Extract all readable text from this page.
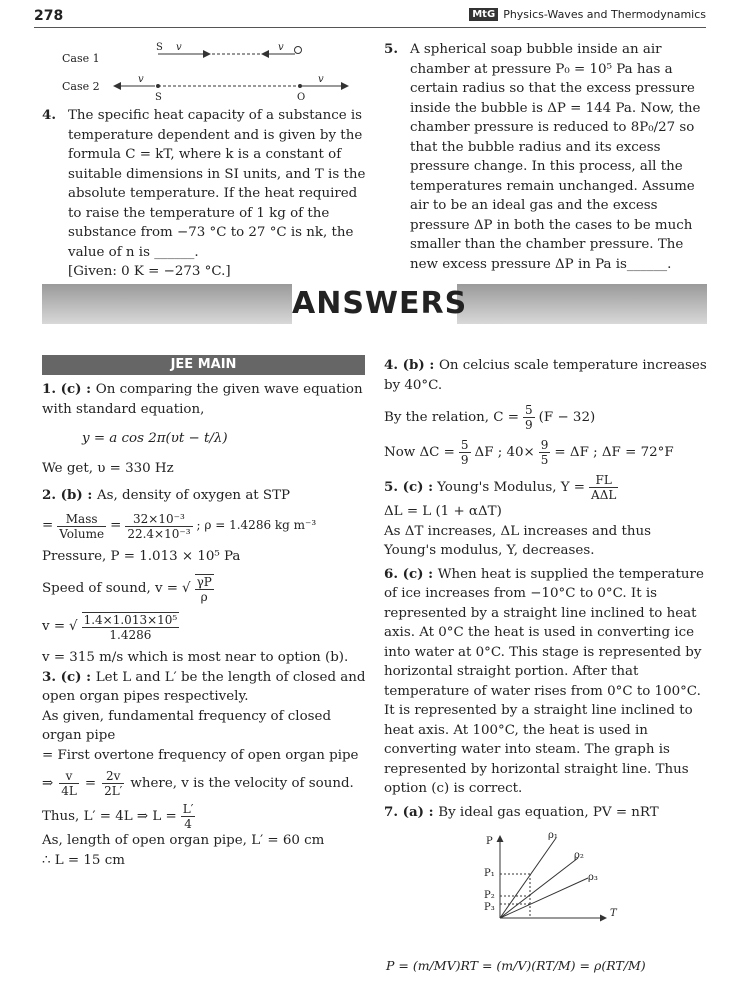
278	MtG Physics-Waves and Thermodynamics
Case 1
Case 2
S v	v
v	v
S	O
4. The specific heat capacity of a substance is temperature dependent and is given by the formula C = kT, where k is a constant of suitable dimensions in SI units, and T is the absolute temperature. If the heat required to raise the temperature of 1 kg of the substance from −73 °C to 27 °C is nk, the value of n is ______.
[Given: 0 K = −273 °C.]
5. A spherical soap bubble inside an air chamber at pressure P₀ = 10⁵ Pa has a certain radius so that the excess pressure inside the bubble is ΔP = 144 Pa. Now, the chamber pressure is reduced to 8P₀/27 so that the bubble radius and its excess pressure change. In this process, all the temperatures remain unchanged. Assume air to be an ideal gas and the excess pressure ΔP in both the cases to be much smaller than the chamber pressure. The new excess pressure ΔP in Pa is______.
ANSWERS
JEE MAIN
1. (c) : On comparing the given wave equation with standard equation,
y = a cos 2π(υt − t/λ)
We get, υ = 330 Hz
2. (b) : As, density of oxygen at STP
= $\frac{\text{Mass}}{\text{Volume}} = \frac{\text{32×10⁻³}}{\text{22.4×10⁻³}}$ ; ρ = 1.4286 kg m⁻³
Pressure, P = 1.013 × 10⁵ Pa
Speed of sound, v = √ $\frac{\gamma P}{\rho}$
v = √ $\frac{\text{1.4×1.013×10⁵}}{1.4286}$
v = 315 m/s which is most near to option (b).
3. (c) : Let L and L′ be the length of closed and open organ pipes respectively.
As given, fundamental frequency of closed organ pipe
= First overtone frequency of open organ pipe
⇒ $\frac{v}{4L} = \frac{2v}{2L'}$ where, v is the velocity of sound.
Thus, L′ = 4L ⇒ $L = \frac{L'}{4}$
As, length of open organ pipe, L′ = 60 cm
∴ L = 15 cm
4. (b) : On celcius scale temperature increases by 40°C.
By the relation, $C = \frac{5}{9} (F - 32)$
Now $\Delta C = \frac{5}{9}$ ΔF ; $40\times \frac{9}{5} = \Delta F$ ; ΔF = 72°F
5. (c) : Young's Modulus, $Y = \frac{FL}{\text{AΔL}}$
ΔL = L (1 + αΔT)
As ΔT increases, ΔL increases and thus Young's modulus, Y, decreases.
6. (c) : When heat is supplied the temperature of ice increases from −10°C to 0°C. It is represented by a straight line inclined to heat axis. At 0°C the heat is used in converting ice into water at 0°C. This stage is represented by horizontal straight portion. After that temperature of water rises from 0°C to 100°C. It is represented by a straight line inclined to heat axis. At 100°C, the heat is used in converting water into steam. The graph is represented by horizontal straight line. Thus option (c) is correct.
7. (a) : By ideal gas equation, PV = nRT
P
T
ρ₁
ρ₂
ρ₃
P₁
P₂
P₃
P = (m/MV)RT = (m/V)(RT/M) = ρ(RT/M)
